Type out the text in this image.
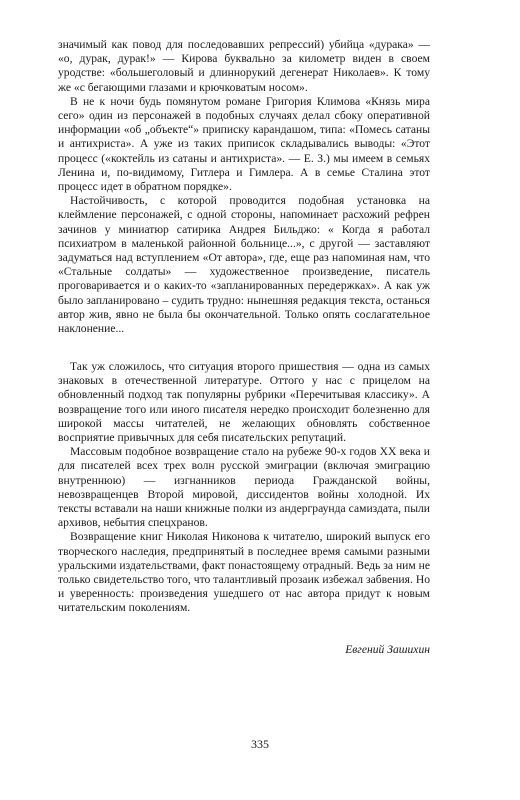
значимый как повод для последовавших репрессий) убийца «дурака» — «о, дурак, дурак!» — Кирова буквально за километр виден в своем уродстве: «большеголовый и длиннорукий дегенерат Николаев». К тому же «с бегающими глазами и крючковатым носом».

В не к ночи будь помянутом романе Григория Климова «Князь мира сего» один из персонажей в подобных случаях делал сбоку оперативной информации «об „объекте“» приписку карандашом, типа: «Помесь сатаны и антихриста». А уже из таких приписок складывались выводы: «Этот процесс («коктейль из сатаны и антихриста». — Е. З.) мы имеем в семьях Ленина и, по-видимому, Гитлера и Гимлера. А в семье Сталина этот процесс идет в обратном порядке».

Настойчивость, с которой проводится подобная установка на клеймление персонажей, с одной стороны, напоминает расхожий рефрен зачинов у миниатюр сатирика Андрея Бильджо: « Когда я работал психиатром в маленькой районной больнице...», с другой — заставляют задуматься над вступлением «От автора», где, еще раз напоминая нам, что «Стальные солдаты» — художественное произведение, писатель проговаривается и о каких-то «запланированных передержках». А как уж было запланировано – судить трудно: нынешняя редакция текста, останься автор жив, явно не была бы окончательной. Только опять сослагательное наклонение...

Так уж сложилось, что ситуация второго пришествия — одна из самых знаковых в отечественной литературе. Оттого у нас с прицелом на обновленный подход так популярны рубрики «Перечитывая классику». А возвращение того или иного писателя нередко происходит болезненно для широкой массы читателей, не желающих обновлять собственное восприятие привычных для себя писательских репутаций.

Массовым подобное возвращение стало на рубеже 90-х годов XX века и для писателей всех трех волн русской эмиграции (включая эмиграцию внутреннюю) — изгнанников периода Гражданской войны, невозвращенцев Второй мировой, диссидентов войны холодной. Их тексты вставали на наши книжные полки из андерграунда самиздата, пыли архивов, небытия спецхранов.

Возвращение книг Николая Никонова к читателю, широкий выпуск его творческого наследия, предпринятый в последнее время самыми разными уральскими издательствами, факт понастоящему отрадный. Ведь за ним не только свидетельство того, что талантливый прозаик избежал забвения. Но и уверенность: произведения ушедшего от нас автора придут к новым читательским поколениям.

Евгений Зашихин
335
